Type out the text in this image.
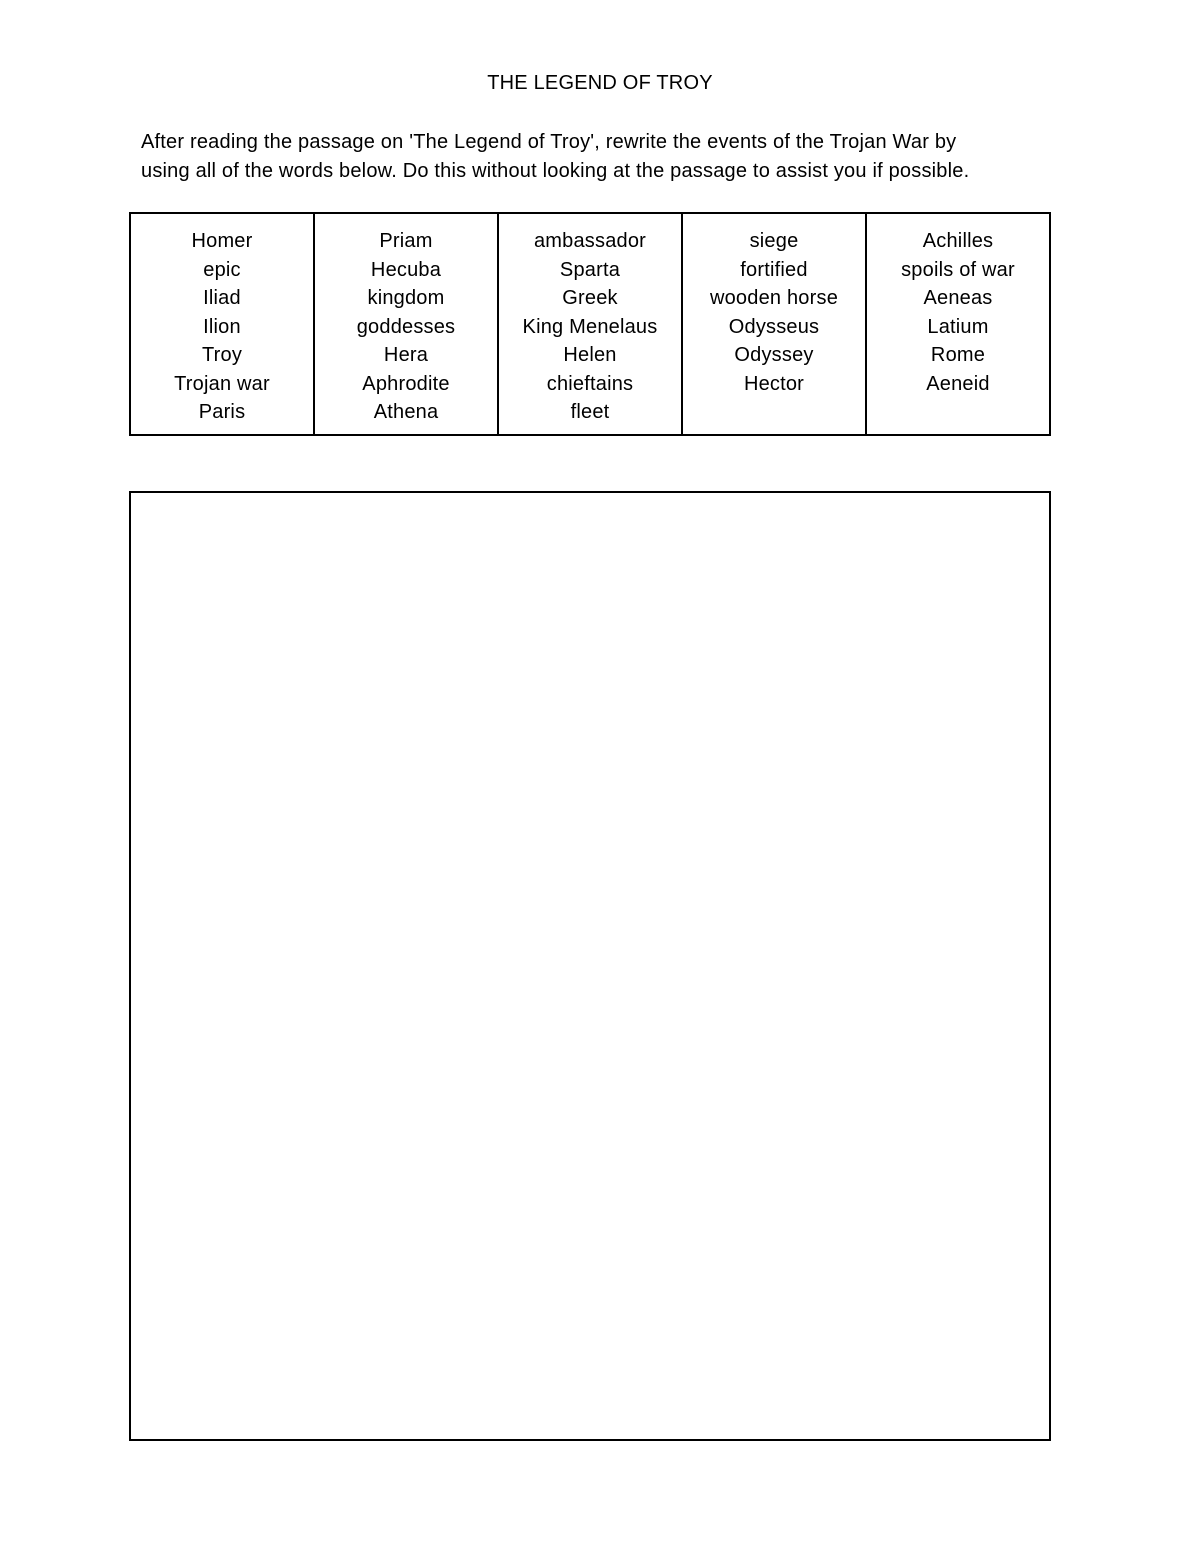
THE LEGEND OF TROY
After reading the passage on 'The Legend of Troy', rewrite the events of the Trojan War by
using all of the words below. Do this without looking at the passage to assist you if possible.
Homer
epic
Iliad
Ilion
Troy
Trojan war
Paris

Priam
Hecuba
kingdom
goddesses
Hera
Aphrodite
Athena

ambassador
Sparta
Greek
King Menelaus
Helen
chieftains
fleet

siege
fortified
wooden horse
Odysseus
Odyssey
Hector

Achilles
spoils of war
Aeneas
Latium
Rome
Aeneid
